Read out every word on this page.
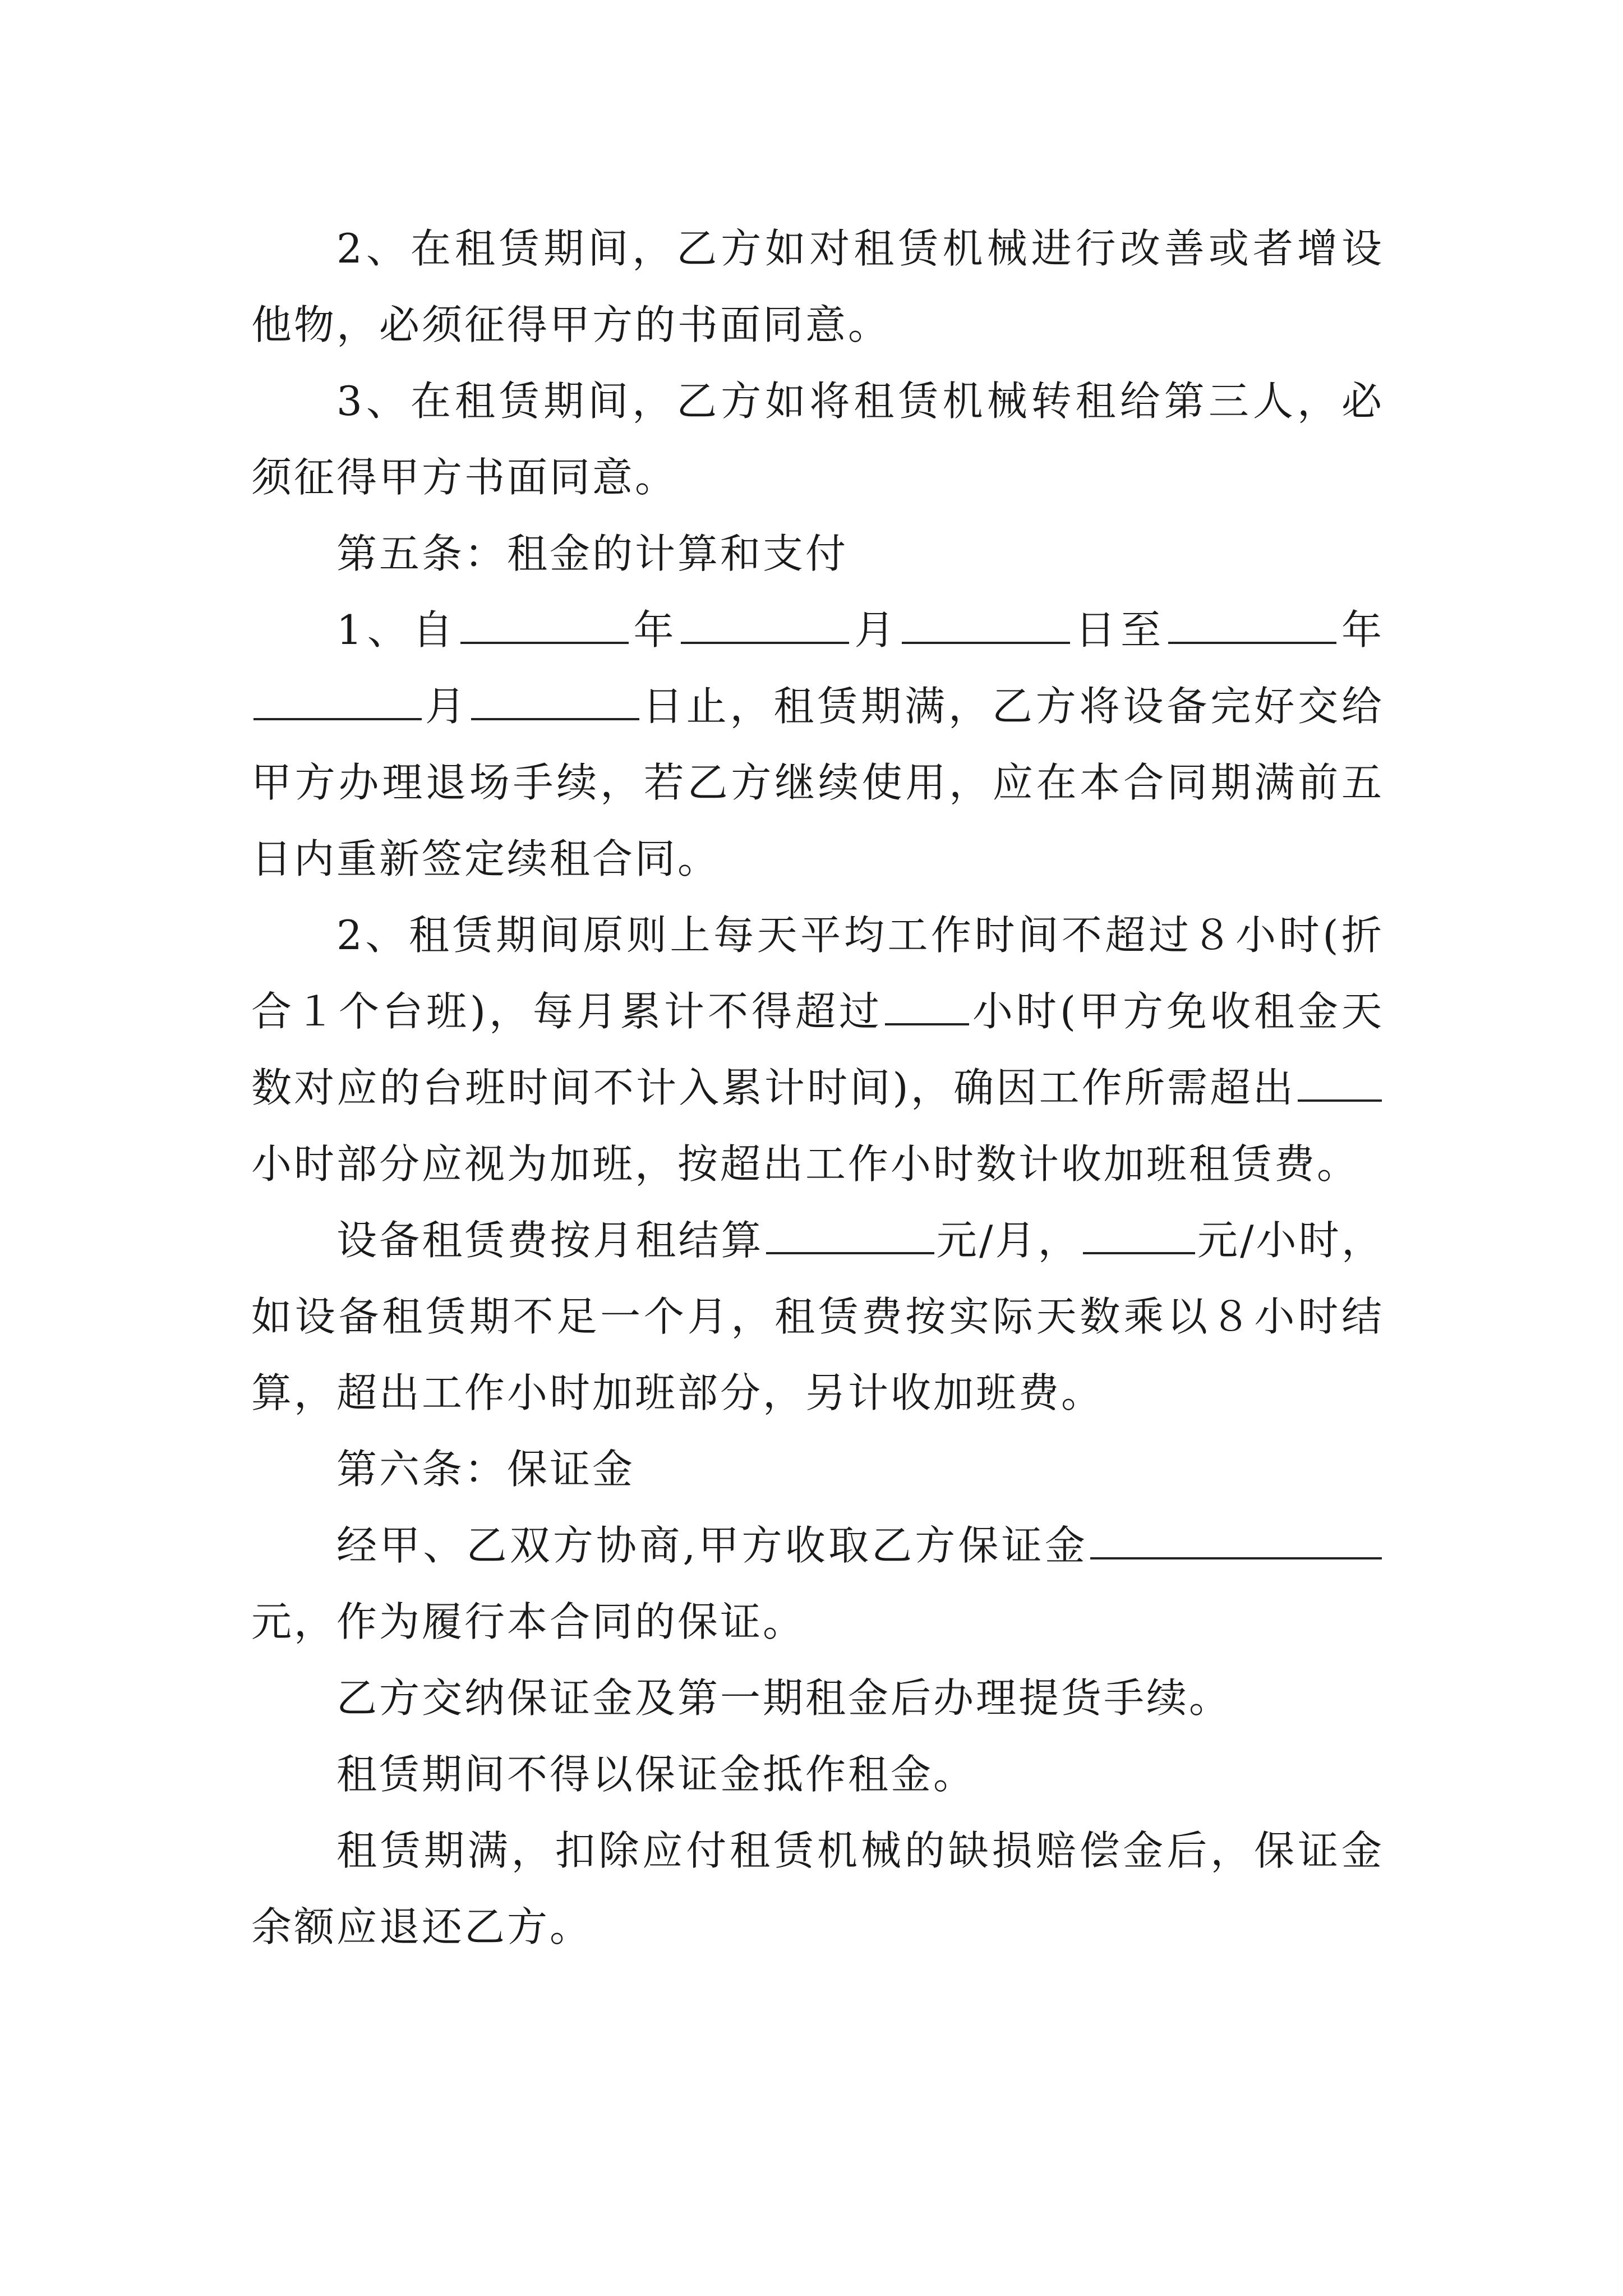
2、在租赁期间，乙方如对租赁机械进行改善或者增设他物，必须征得甲方的书面同意。

3、在租赁期间，乙方如将租赁机械转租给第三人，必须征得甲方书面同意。

第五条：租金的计算和支付

1、自	年	月	日至	年月	日止，租赁期满，乙方将设备完好交给甲方办理退场手续，若乙方继续使用，应在本合同期满前五日内重新签定续租合同。

2、租赁期间原则上每天平均工作时间不超过８小时(折合１个台班)，每月累计不得超过 小时(甲方免收租金天数对应的台班时间不计入累计时间)，确因工作所需超出小时部分应视为加班，按超出工作小时数计收加班租赁费。

设备租赁费按月租结算	元/月，	元/小时，如设备租赁期不足一个月，租赁费按实际天数乘以８小时结算，超出工作小时加班部分，另计收加班费。

第六条：保证金

经甲、乙双方协商,甲方收取乙方保证金元，作为履行本合同的保证。

乙方交纳保证金及第一期租金后办理提货手续。

租赁期间不得以保证金抵作租金。

租赁期满，扣除应付租赁机械的缺损赔偿金后，保证金余额应退还乙方。
